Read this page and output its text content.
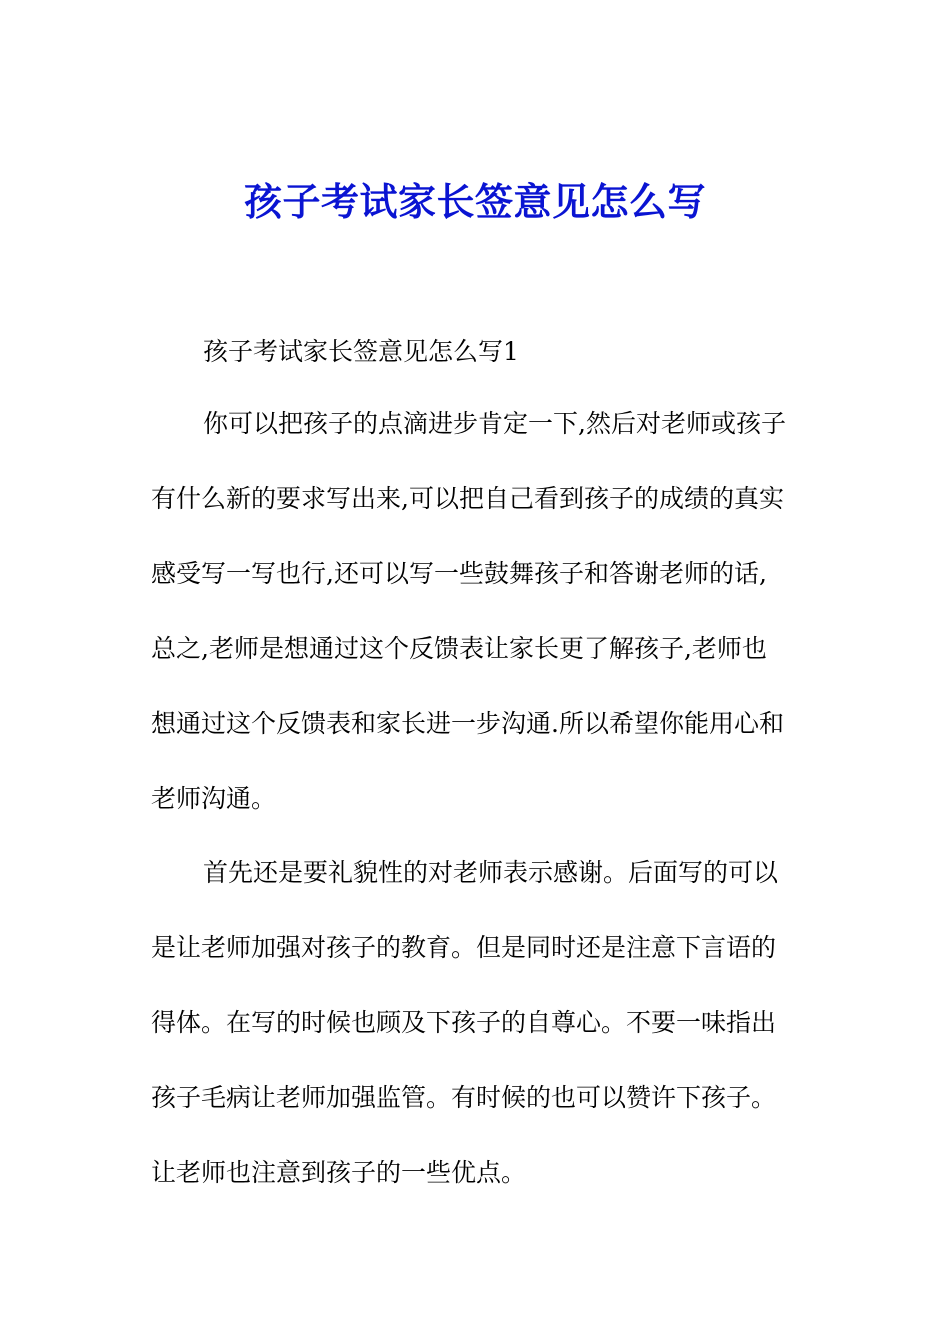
孩子考试家长签意见怎么写

孩子考试家长签意见怎么写1

你可以把孩子的点滴进步肯定一下,然后对老师或孩子
有什么新的要求写出来,可以把自己看到孩子的成绩的真实
感受写一写也行,还可以写一些鼓舞孩子和答谢老师的话,
总之,老师是想通过这个反馈表让家长更了解孩子,老师也
想通过这个反馈表和家长进一步沟通.所以希望你能用心和
老师沟通。
首先还是要礼貌性的对老师表示感谢。后面写的可以
是让老师加强对孩子的教育。但是同时还是注意下言语的
得体。在写的时候也顾及下孩子的自尊心。不要一味指出
孩子毛病让老师加强监管。有时候的也可以赞许下孩子。
让老师也注意到孩子的一些优点。
